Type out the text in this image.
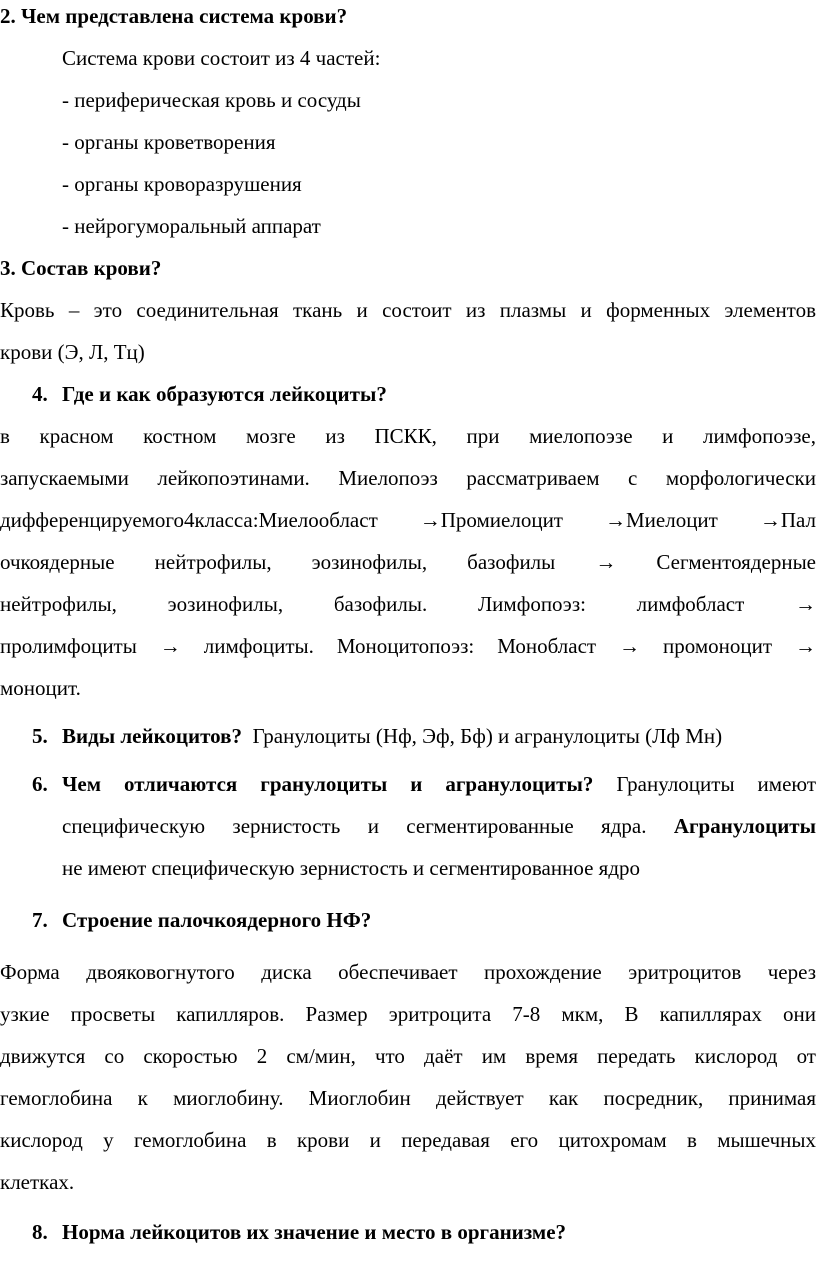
2. Чем представлена система крови?
Система крови состоит из 4 частей:
- периферическая кровь и сосуды
- органы кроветворения
- органы кроворазрушения
- нейрогуморальный аппарат
3. Состав крови?
Кровь – это соединительная ткань и состоит из плазмы и форменных элементов
крови (Э, Л, Тц)
4. Где и как образуются лейкоциты?
в красном костном мозге из ПСКК, при миелопоэзе и лимфопоэзе,
запускаемыми лейкопоэтинами. Миелопоэз рассматриваем с морфологически
дифференцируемого4класса:Миелообласт →Промиелоцит →Миелоцит →Пал
очкоядерные нейтрофилы, эозинофилы, базофилы → Сегментоядерные
нейтрофилы, эозинофилы, базофилы. Лимфопоэз: лимфобласт →
пролимфоциты → лимфоциты. Моноцитопоэз: Монобласт → промоноцит →
моноцит.
5. Виды лейкоцитов? Гранулоциты (Нф, Эф, Бф) и агранулоциты (Лф Мн)
6. Чем отличаются гранулоциты и агранулоциты? Гранулоциты имеют
специфическую зернистость и сегментированные ядра. Агранулоциты
не имеют специфическую зернистость и сегментированное ядро
7. Строение палочкоядерного НФ?
Форма двояковогнутого диска обеспечивает прохождение эритроцитов через
узкие просветы капилляров. Размер эритроцита 7-8 мкм, В капиллярах они
движутся со скоростью 2 см/мин, что даёт им время передать кислород от
гемоглобина к миоглобину. Миоглобин действует как посредник, принимая
кислород у гемоглобина в крови и передавая его цитохромам в мышечных
клетках.
8. Норма лейкоцитов их значение и место в организме?
